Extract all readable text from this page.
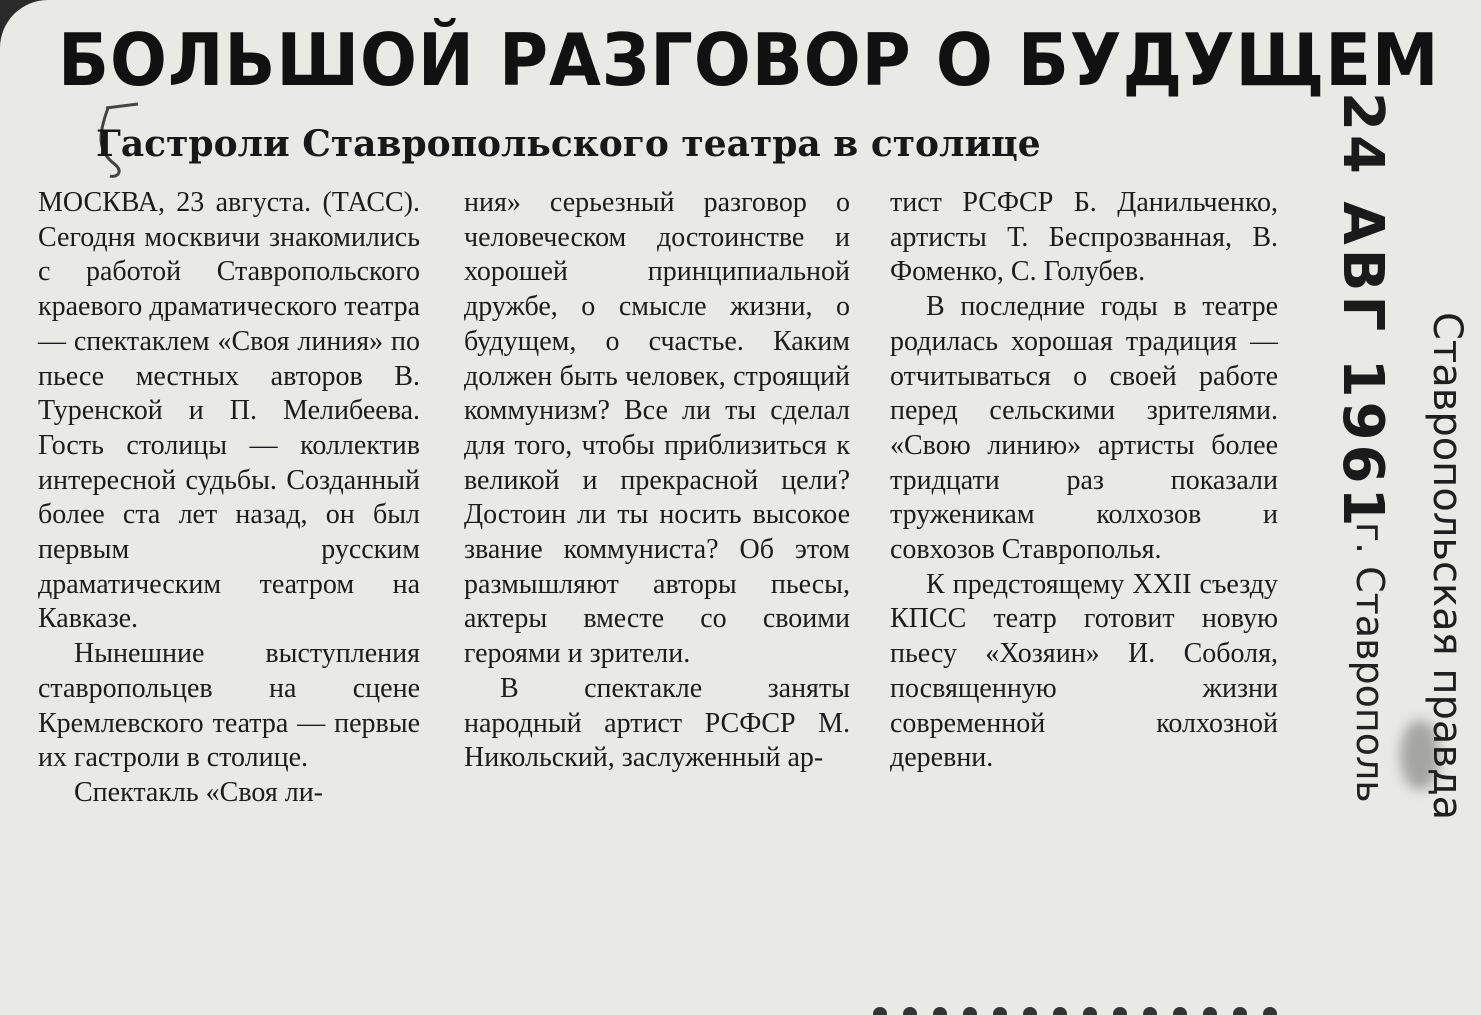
БОЛЬШОЙ РАЗГОВОР О БУДУЩЕМ
Гастроли Ставропольского театра в столице

МОСКВА, 23 августа. (ТАСС). Сегодня москвичи знакомились с работой Ставропольского краевого драматического театра — спектаклем «Своя линия» по пьесе местных авторов В. Туренской и П. Мелибеева. Гость столицы — коллектив интересной судьбы. Созданный более ста лет назад, он был первым русским драматическим театром на Кавказе.

Нынешние выступления ставропольцев на сцене Кремлевского театра — первые их гастроли в столице.

Спектакль «Своя ли-

ния» серьезный разговор о человеческом достоинстве и хорошей принципиальной дружбе, о смысле жизни, о будущем, о счастье. Каким должен быть человек, строящий коммунизм? Все ли ты сделал для того, чтобы приблизиться к великой и прекрасной цели? Достоин ли ты носить высокое звание коммуниста? Об этом размышляют авторы пьесы, актеры вместе со своими героями и зрители.

В спектакле заняты народный артист РСФСР М. Никольский, заслуженный ар-

тист РСФСР Б. Данильченко, артисты Т. Беспрозванная, В. Фоменко, С. Голубев.

В последние годы в театре родилась хорошая традиция — отчитываться о своей работе перед сельскими зрителями. «Свою линию» артисты более тридцати раз показали труженикам колхозов и совхозов Ставрополья.

К предстоящему XXII съезду КПСС театр готовит новую пьесу «Хозяин» И. Соболя, посвященную жизни современной колхозной деревни.

24 АВГ 1961
Ставропольская правда
г. Ставрополь
